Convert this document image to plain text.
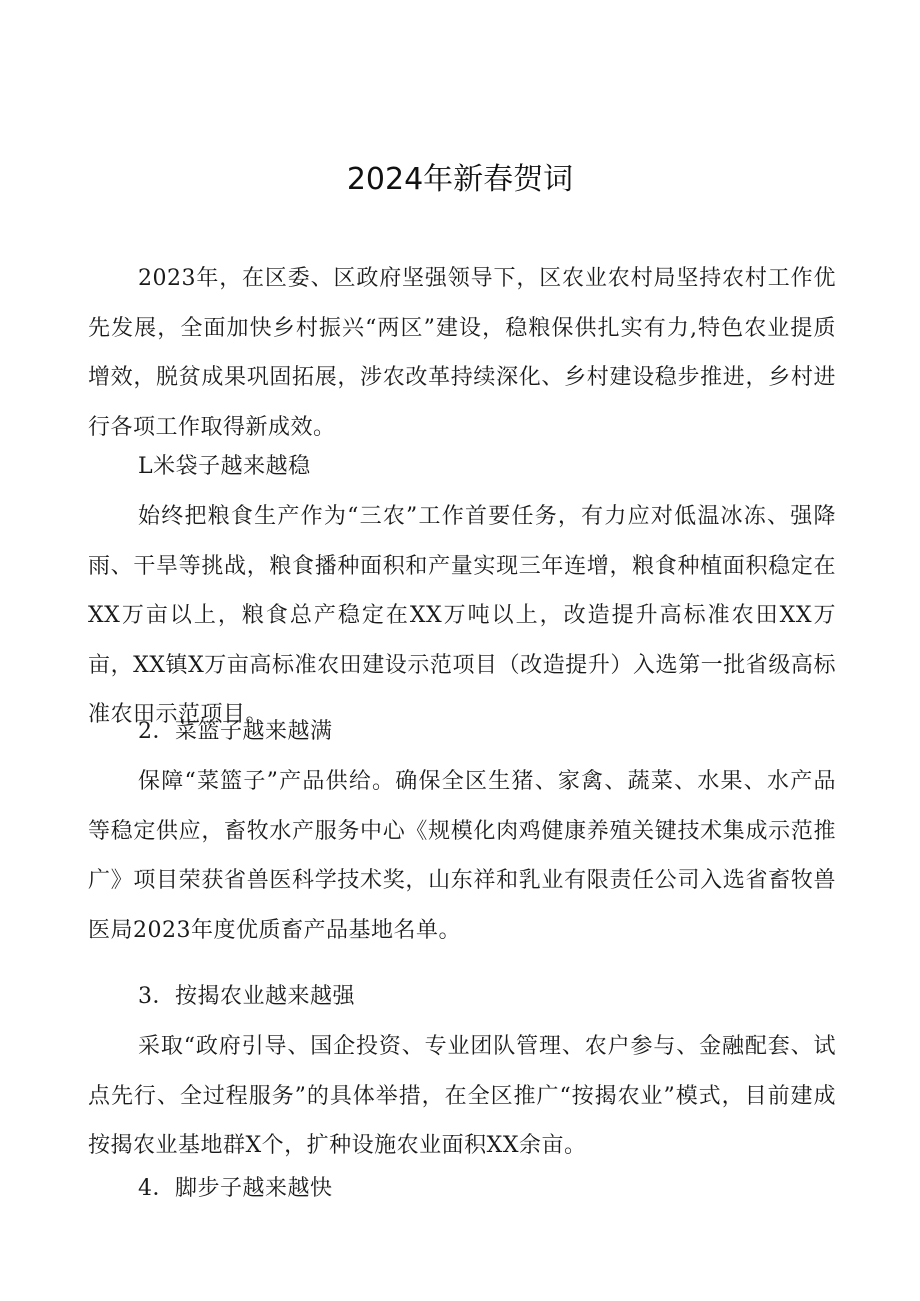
2024年新春贺词

2023年，在区委、区政府坚强领导下，区农业农村局坚持农村工作优先发展，全面加快乡村振兴“两区”建设，稳粮保供扎实有力,特色农业提质增效，脱贫成果巩固拓展，涉农改革持续深化、乡村建设稳步推进，乡村进行各项工作取得新成效。

L米袋子越来越稳

始终把粮食生产作为“三农”工作首要任务，有力应对低温冰冻、强降雨、干旱等挑战，粮食播种面积和产量实现三年连增，粮食种植面积稳定在XX万亩以上，粮食总产稳定在XX万吨以上，改造提升高标准农田XX万亩，XX镇X万亩高标准农田建设示范项目（改造提升）入选第一批省级高标准农田示范项目。

2．菜篮子越来越满

保障“菜篮子”产品供给。确保全区生猪、家禽、蔬菜、水果、水产品等稳定供应，畜牧水产服务中心《规模化肉鸡健康养殖关键技术集成示范推广》项目荣获省兽医科学技术奖，山东祥和乳业有限责任公司入选省畜牧兽医局2023年度优质畜产品基地名单。

3．按揭农业越来越强

采取“政府引导、国企投资、专业团队管理、农户参与、金融配套、试点先行、全过程服务”的具体举措，在全区推广“按揭农业”模式，目前建成按揭农业基地群X个，扩种设施农业面积XX余亩。

4．脚步子越来越快
